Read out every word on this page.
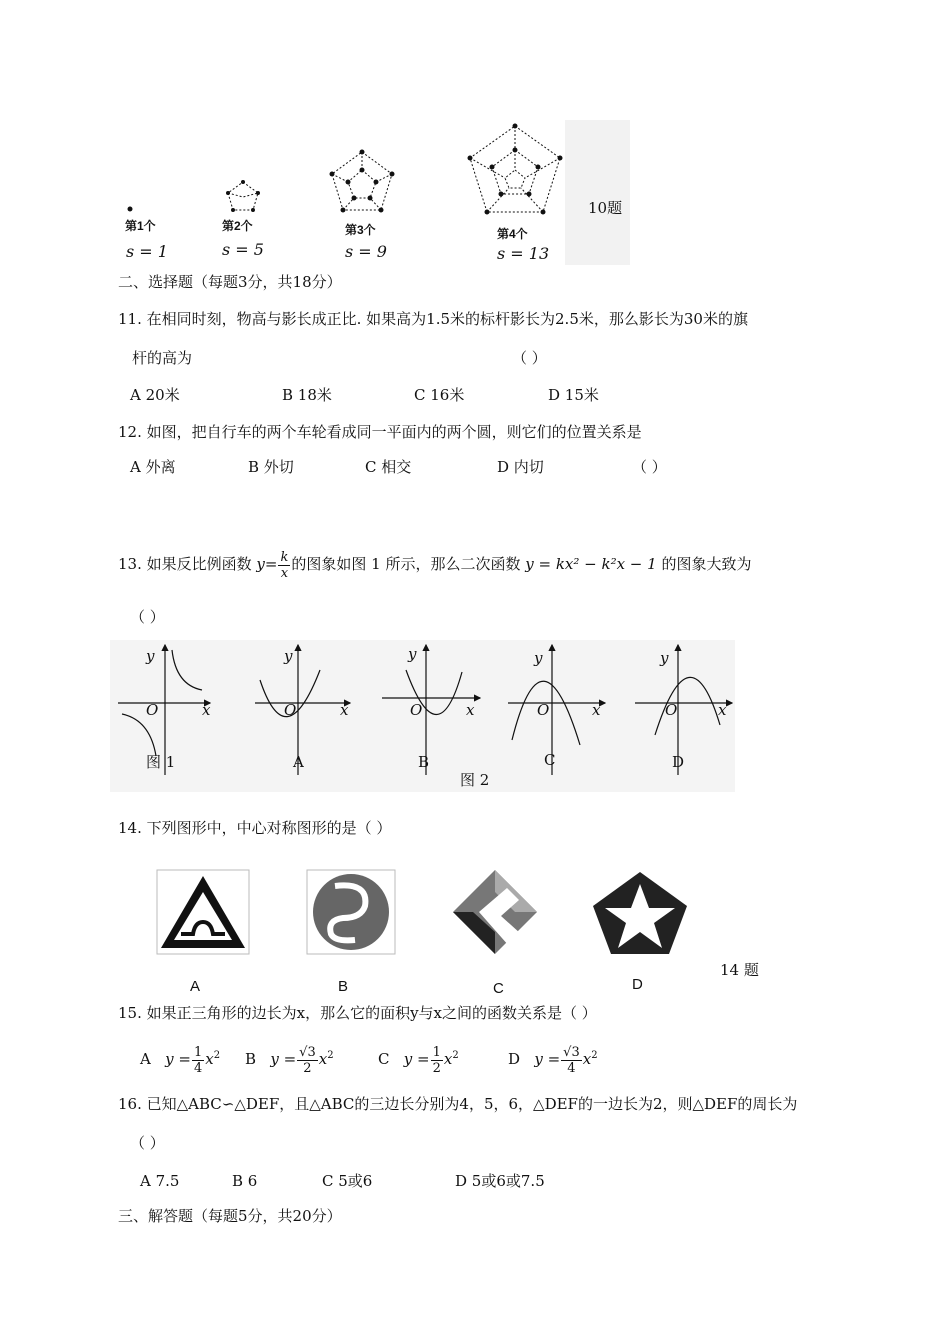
第1个	第2个	第3个	第4个
s = 1	s = 5	s = 9	s = 13
10题
二、选择题（每题3分，共18分）
11. 在相同时刻，物高与影长成正比. 如果高为1.5米的标杆影长为2.5米，那么影长为30米的旗
杆的高为	（ ）
A 20米	B 18米	C 16米	D 15米
12. 如图，把自行车的两个车轮看成同一平面内的两个圆，则它们的位置关系是
A 外离	B 外切	C 相交	D 内切	（ ）
13. 如果反比例函数 $y= \frac{k}{x}$ 的图象如图 1 所示，那么二次函数 y = kx² − k²x − 1 的图象大致为
（ ）
y
O	x
y
O	x
y
O	x
y
O	x
y
O	x
图 1	A	B	C	D
图 2
14. 下列图形中，中心对称图形的是（ ）
A	B	C	D
14 题
15. 如果正三角形的边长为x，那么它的面积y与x之间的函数关系是（ ）
A $y = \frac{1}{4} x^2$ B $y = \frac{√3}{2} x^2$	C $y = \frac{1}{2} x^2$	D $y = \frac{√3}{4} x^2$
16. 已知△ABC∽△DEF，且△ABC的三边长分别为4，5，6，△DEF的一边长为2，则△DEF的周长为
（ ）
A 7.5	B 6	C 5或6	D 5或6或7.5
三、解答题（每题5分，共20分）
